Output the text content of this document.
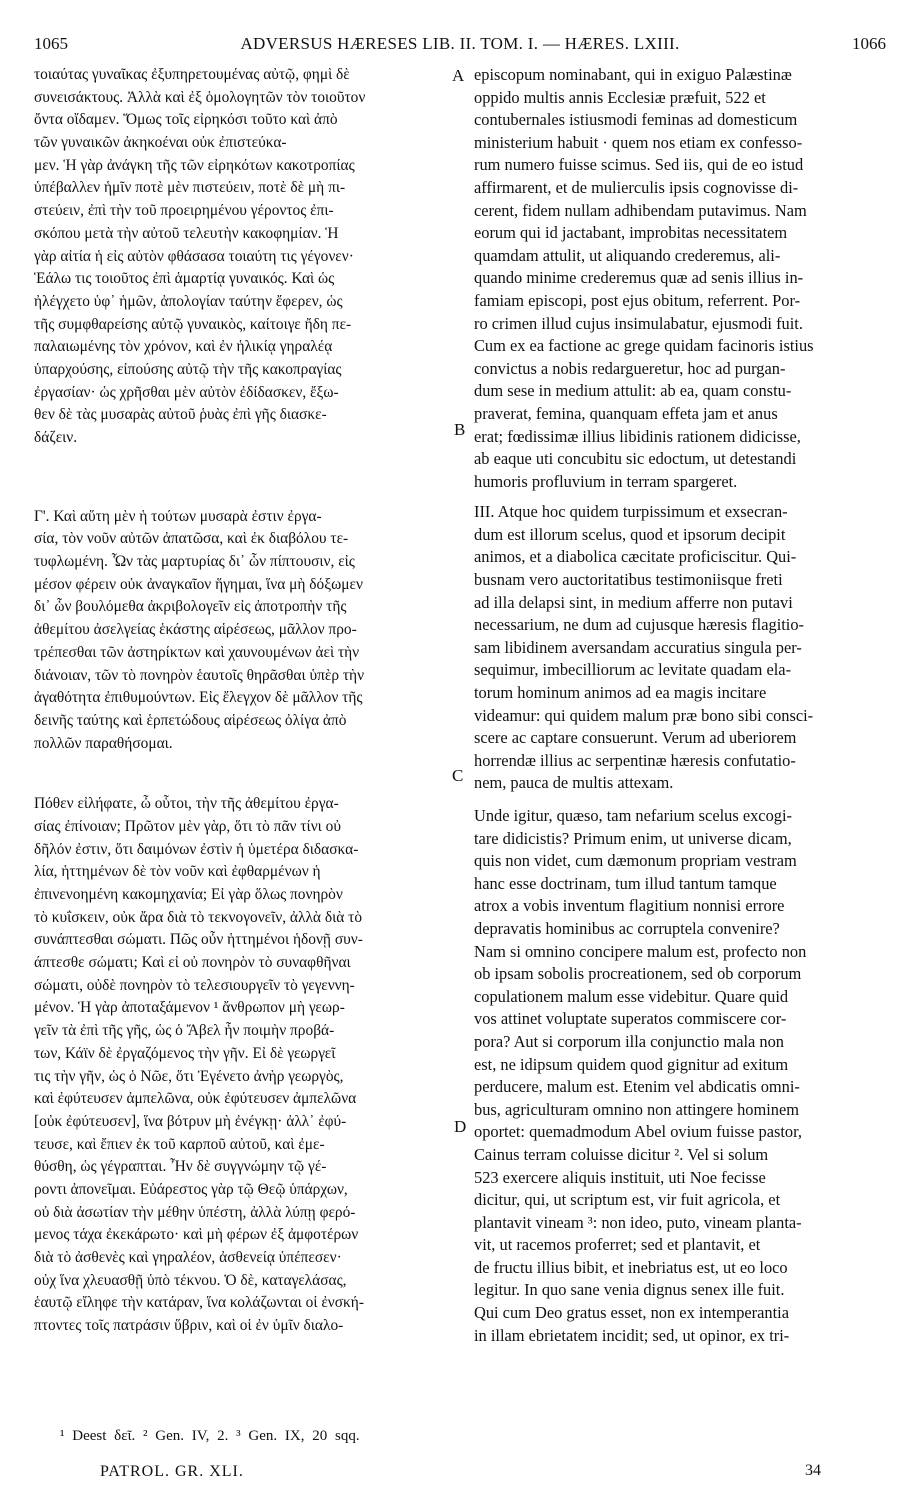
1065	ADVERSUS HÆRESES LIB. II. TOM. I. — HÆRES. LXIII.	1066
τοιαύτας γυναῖκας ἐξυπηρετουμένας αὐτῷ, φημὶ δὲ
συνεισάκτους. Ἀλλὰ καὶ ἐξ ὁμολογητῶν τὸν τοιοῦτον
ὄντα οἴδαμεν. Ὅμως τοῖς εἰρηκόσι τοῦτο καὶ ἀπὸ
τῶν γυναικῶν ἀκηκοέναι οὐκ ἐπιστεύκα-
μεν. Ἡ γὰρ ἀνάγκη τῆς τῶν εἰρηκότων κακοτροπίας
ὑπέβαλλεν ἡμῖν ποτὲ μὲν πιστεύειν, ποτὲ δὲ μὴ πι-
στεύειν, ἐπὶ τὴν τοῦ προειρημένου γέροντος ἐπι-
σκόπου μετὰ τὴν αὐτοῦ τελευτὴν κακοφημίαν. Ἡ
γὰρ αἰτία ἡ εἰς αὐτὸν φθάσασα τοιαύτη τις γέγονεν·
Ἑάλω τις τοιοῦτος ἐπὶ ἁμαρτίᾳ γυναικός. Καὶ ὡς
ἠλέγχετο ὑφ᾽ ἡμῶν, ἀπολογίαν ταύτην ἔφερεν, ὡς
τῆς συμφθαρείσης αὐτῷ γυναικὸς, καίτοιγε ἤδη πε-
παλαιωμένης τὸν χρόνον, καὶ ἐν ἡλικίᾳ γηραλέᾳ
ὑπαρχούσης, εἰπούσης αὐτῷ τὴν τῆς κακοπραγίας
ἐργασίαν· ὡς χρῆσθαι μὲν αὐτὸν ἐδίδασκεν, ἔξω-
θεν δὲ τὰς μυσαρὰς αὐτοῦ ῥυὰς ἐπὶ γῆς διασκε-
δάζειν.
Γ'. Καὶ αὕτη μὲν ἡ τούτων μυσαρὰ ἐστιν ἐργα-
σία, τὸν νοῦν αὐτῶν ἀπατῶσα, καὶ ἐκ διαβόλου τε-
τυφλωμένη. Ὧν τὰς μαρτυρίας δι᾽ ὧν πίπτουσιν, εἰς
μέσον φέρειν οὐκ ἀναγκαῖον ἥγημαι, ἵνα μὴ δόξωμεν
δι᾽ ὧν βουλόμεθα ἀκριβολογεῖν εἰς ἀποτροπὴν τῆς
ἀθεμίτου ἀσελγείας ἑκάστης αἱρέσεως, μᾶλλον προ-
τρέπεσθαι τῶν ἀστηρίκτων καὶ χαυνουμένων ἀεὶ τὴν
διάνοιαν, τῶν τὸ πονηρὸν ἑαυτοῖς θηρᾶσθαι ὑπὲρ τὴν
ἀγαθότητα ἐπιθυμούντων. Εἰς ἔλεγχον δὲ μᾶλλον τῆς
δεινῆς ταύτης καὶ ἑρπετώδους αἱρέσεως ὀλίγα ἀπὸ
πολλῶν παραθήσομαι.
Πόθεν εἰλήφατε, ὦ οὗτοι, τὴν τῆς ἀθεμίτου ἐργα-
σίας ἐπίνοιαν; Πρῶτον μὲν γὰρ, ὅτι τὸ πᾶν τίνι οὐ
δῆλόν ἐστιν, ὅτι δαιμόνων ἐστὶν ἡ ὑμετέρα διδασκα-
λία, ἡττημένων δὲ τὸν νοῦν καὶ ἐφθαρμένων ἡ
ἐπινενοημένη κακομηχανία; Εἰ γὰρ ὅλως πονηρὸν
τὸ κυΐσκειν, οὐκ ἄρα διὰ τὸ τεκνογονεῖν, ἀλλὰ διὰ τὸ
συνάπτεσθαι σώματι. Πῶς οὖν ἡττημένοι ἡδονῇ συν-
άπτεσθε σώματι; Καὶ εἰ οὐ πονηρὸν τὸ συναφθῆναι
σώματι, οὐδὲ πονηρὸν τὸ τελεσιουργεῖν τὸ γεγεννη-
μένον. Ἡ γὰρ ἀποταξάμενον ¹ ἄνθρωπον μὴ γεωρ-
γεῖν τὰ ἐπὶ τῆς γῆς, ὡς ὁ Ἄβελ ἦν ποιμὴν προβά-
των, Κάϊν δὲ ἐργαζόμενος τὴν γῆν. Εἰ δὲ γεωργεῖ
τις τὴν γῆν, ὡς ὁ Νῶε, ὅτι Ἐγένετο ἀνὴρ γεωργὸς,
καὶ ἐφύτευσεν ἀμπελῶνα, οὐκ ἐφύτευσεν ἀμπελῶνα
[οὐκ ἐφύτευσεν], ἵνα βότρυν μὴ ἐνέγκῃ· ἀλλ᾽ ἐφύ-
τευσε, καὶ ἔπιεν ἐκ τοῦ καρποῦ αὐτοῦ, καὶ ἐμε-
θύσθη, ὡς γέγραπται. Ἦν δὲ συγγνώμην τῷ γέ-
ροντι ἀπονεῖμαι. Εὐάρεστος γὰρ τῷ Θεῷ ὑπάρχων,
οὐ διὰ ἀσωτίαν τὴν μέθην ὑπέστη, ἀλλὰ λύπῃ φερό-
μενος τάχα ἐκεκάρωτο· καὶ μὴ φέρων ἐξ ἀμφοτέρων
διὰ τὸ ἀσθενὲς καὶ γηραλέον, ἀσθενείᾳ ὑπέπεσεν·
οὐχ ἵνα χλευασθῇ ὑπὸ τέκνου. Ὁ δὲ, καταγελάσας,
ἑαυτῷ εἴληφε τὴν κατάραν, ἵνα κολάζωνται οἱ ἐνσκή-
πτοντες τοῖς πατράσιν ὕβριν, καὶ οἱ ἐν ὑμῖν διαλο-
episcopum nominabant, qui in exiguo Palæstinæ
oppido multis annis Ecclesiæ præfuit, 522 et
contubernales istiusmodi feminas ad domesticum
ministerium habuit · quem nos etiam ex confesso-
rum numero fuisse scimus. Sed iis, qui de eo istud
affirmarent, et de mulierculis ipsis cognovisse di-
cerent, fidem nullam adhibendam putavimus. Nam
eorum qui id jactabant, improbitas necessitatem
quamdam attulit, ut aliquando crederemus, ali-
quando minime crederemus quæ ad senis illius in-
famiam episcopi, post ejus obitum, referrent. Por-
ro crimen illud cujus insimulabatur, ejusmodi fuit.
Cum ex ea factione ac grege quidam facinoris istius
convictus a nobis redargueretur, hoc ad purgan-
dum sese in medium attulit: ab ea, quam constu-
praverat, femina, quanquam effeta jam et anus
erat; fœdissimæ illius libidinis rationem didicisse,
ab eaque uti concubitu sic edoctum, ut detestandi
humoris profluvium in terram spargeret.
III. Atque hoc quidem turpissimum et exsecran-
dum est illorum scelus, quod et ipsorum decipit
animos, et a diabolica cæcitate proficiscitur. Qui-
busnam vero auctoritatibus testimoniisque freti
ad illa delapsi sint, in medium afferre non putavi
necessarium, ne dum ad cujusque hæresis flagitio-
sam libidinem aversandam accuratius singula per-
sequimur, imbecilliorum ac levitate quadam ela-
torum hominum animos ad ea magis incitare
videamur: qui quidem malum præ bono sibi consci-
scere ac captare consuerunt. Verum ad uberiorem
horrendæ illius ac serpentinæ hæresis confutatio-
nem, pauca de multis attexam.
Unde igitur, quæso, tam nefarium scelus excogi-
tare didicistis? Primum enim, ut universe dicam,
quis non videt, cum dæmonum propriam vestram
hanc esse doctrinam, tum illud tantum tamque
atrox a vobis inventum flagitium nonnisi errore
depravatis hominibus ac corruptela convenire?
Nam si omnino concipere malum est, profecto non
ob ipsam sobolis procreationem, sed ob corporum
copulationem malum esse videbitur. Quare quid
vos attinet voluptate superatos commiscere cor-
pora? Aut si corporum illa conjunctio mala non
est, ne idipsum quidem quod gignitur ad exitum
perducere, malum est. Etenim vel abdicatis omni-
bus, agriculturam omnino non attingere hominem
oportet: quemadmodum Abel ovium fuisse pastor,
Cainus terram coluisse dicitur ². Vel si solum
523 exercere aliquis instituit, uti Noe fecisse
dicitur, qui, ut scriptum est, vir fuit agricola, et
plantavit vineam ³: non ideo, puto, vineam planta-
vit, ut racemos proferret; sed et plantavit, et
de fructu illius bibit, et inebriatus est, ut eo loco
legitur. In quo sane venia dignus senex ille fuit.
Qui cum Deo gratus esset, non ex intemperantia
in illam ebrietatem incidit; sed, ut opinor, ex tri-
A
B
C
D
¹ Deest δεῖ. ² Gen. IV, 2. ³ Gen. IX, 20 sqq.
PATROL. GR. XLI.	34
